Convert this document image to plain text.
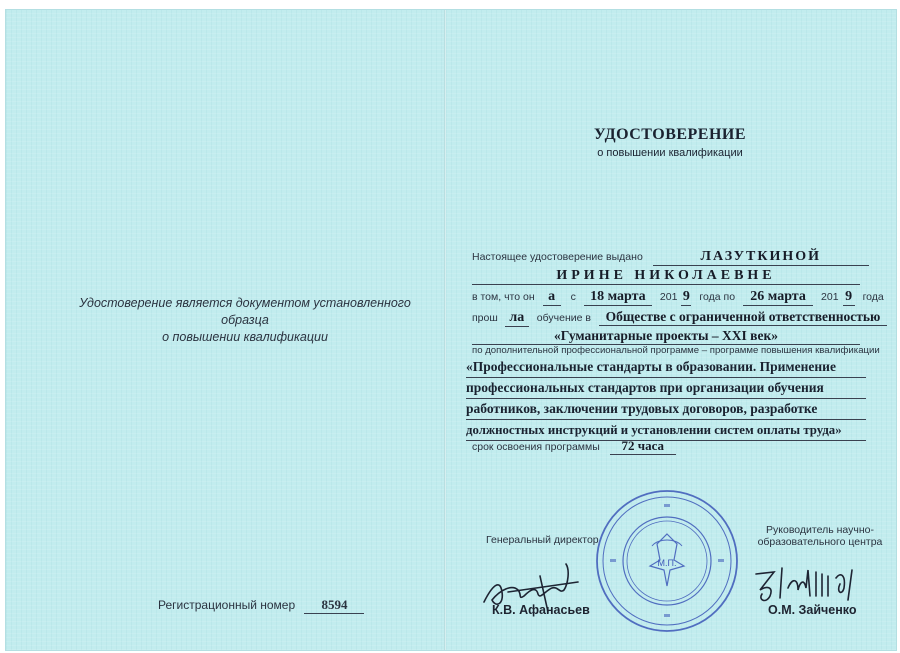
Удостоверение является документом установленного образца
о повышении квалификации
Регистрационный номер 8594
УДОСТОВЕРЕНИЕ
о повышении квалификации
Настоящее удостоверение выдано	ЛАЗУТКИНОЙ
ИРИНЕ НИКОЛАЕВНЕ
в том, что он а с 18 марта 201 9 года по 26 марта 201 9 года
прош ла обучение в Обществе с ограниченной ответственностью
«Гуманитарные проекты – XXI век»
по дополнительной профессиональной программе – программе повышения квалификации
«Профессиональные стандарты в образовании. Применение
профессиональных стандартов при организации обучения
работников, заключении трудовых договоров, разработке
должностных инструкций и установлении систем оплаты труда»
срок освоения программы 72 часа
Генеральный директор
Руководитель научно-
образовательного центра
К.В. Афанасьев	О.М. Зайченко
М.П.
